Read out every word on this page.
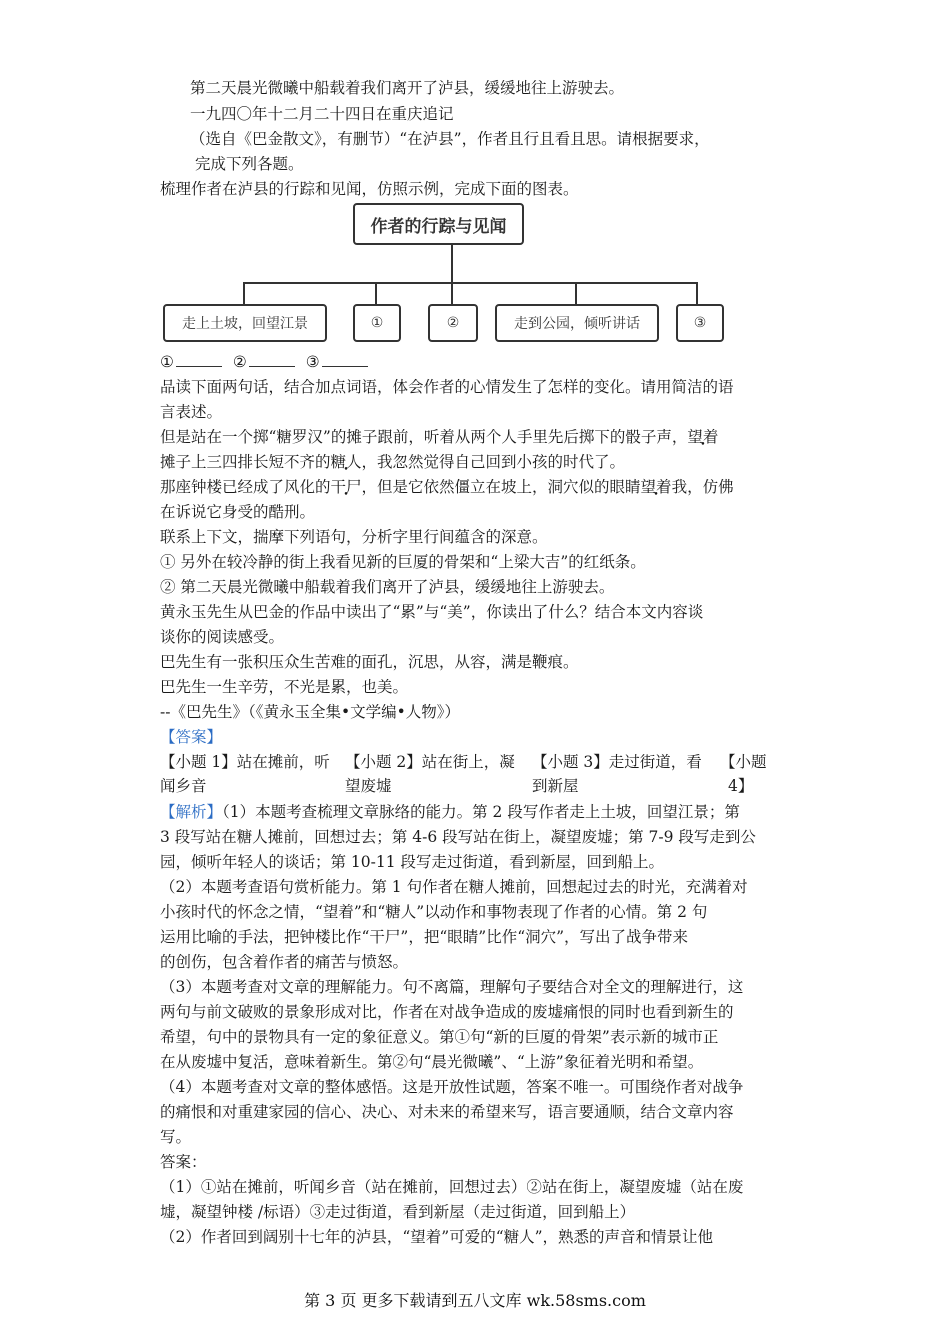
第二天晨光微曦中船载着我们离开了泸县，缓缓地往上游驶去。
一九四〇年十二月二十四日在重庆追记
（选自《巴金散文》，有删节）“在泸县”，作者且行且看且思。请根据要求，
完成下列各题。
梳理作者在泸县的行踪和见闻，仿照示例，完成下面的图表。
作者的行踪与见闻
走上土坡，回望江景	①	②	走到公园，倾听讲话	③
①	②	③
品读下面两句话，结合加点词语，体会作者的心情发生了怎样的变化。请用简洁的语
言表述。
但是站在一个掷“糖罗汉”的摊子跟前，听着从两个人手里先后掷下的骰子声，望着
摊子上三四排长短不齐的糖人，我忽然觉得自己回到小孩的时代了。
那座钟楼已经成了风化的干尸，但是它依然僵立在坡上，洞穴似的眼睛望着我，仿佛
在诉说它身受的酷刑。
联系上下文，揣摩下列语句，分析字里行间蕴含的深意。
① 另外在较冷静的街上我看见新的巨厦的骨架和“上梁大吉”的红纸条。
② 第二天晨光微曦中船载着我们离开了泸县，缓缓地往上游驶去。
黄永玉先生从巴金的作品中读出了“累”与“美”，你读出了什么？结合本文内容谈
谈你的阅读感受。
巴先生有一张积压众生苦难的面孔，沉思，从容，满是鞭痕。
巴先生一生辛劳，不光是累，也美。
--《巴先生》（《黄永玉全集•文学编•人物》）
【答案】
【小题 1】站在摊前，听
闻乡音
【小题 2】站在街上，凝
望废墟
【小题 3】走过街道，看
到新屋
【小题
4】
【解析】（1）本题考查梳理文章脉络的能力。第 2 段写作者走上土坡，回望江景；第
3 段写站在糖人摊前，回想过去；第 4-6 段写站在街上，凝望废墟；第 7-9 段写走到公
园，倾听年轻人的谈话；第 10-11 段写走过街道，看到新屋，回到船上。
（2）本题考查语句赏析能力。第 1 句作者在糖人摊前，回想起过去的时光，充满着对
小孩时代的怀念之情，“望着”和“糖人”以动作和事物表现了作者的心情。第 2 句
运用比喻的手法，把钟楼比作“干尸”，把“眼睛”比作“洞穴”，写出了战争带来
的创伤，包含着作者的痛苦与愤怒。
（3）本题考查对文章的理解能力。句不离篇，理解句子要结合对全文的理解进行，这
两句与前文破败的景象形成对比，作者在对战争造成的废墟痛恨的同时也看到新生的
希望，句中的景物具有一定的象征意义。第①句“新的巨厦的骨架”表示新的城市正
在从废墟中复活，意味着新生。第②句“晨光微曦”、“上游”象征着光明和希望。
（4）本题考查对文章的整体感悟。这是开放性试题，答案不唯一。可围绕作者对战争
的痛恨和对重建家园的信心、决心、对未来的希望来写，语言要通顺，结合文章内容
写。
答案：
（1）①站在摊前，听闻乡音（站在摊前，回想过去）②站在街上，凝望废墟（站在废
墟，凝望钟楼 /标语）③走过街道，看到新屋（走过街道，回到船上）
（2）作者回到阔别十七年的泸县，“望着”可爱的“糖人”，熟悉的声音和情景让他
第 3 页 更多下载请到五八文库 wk.58sms.com
